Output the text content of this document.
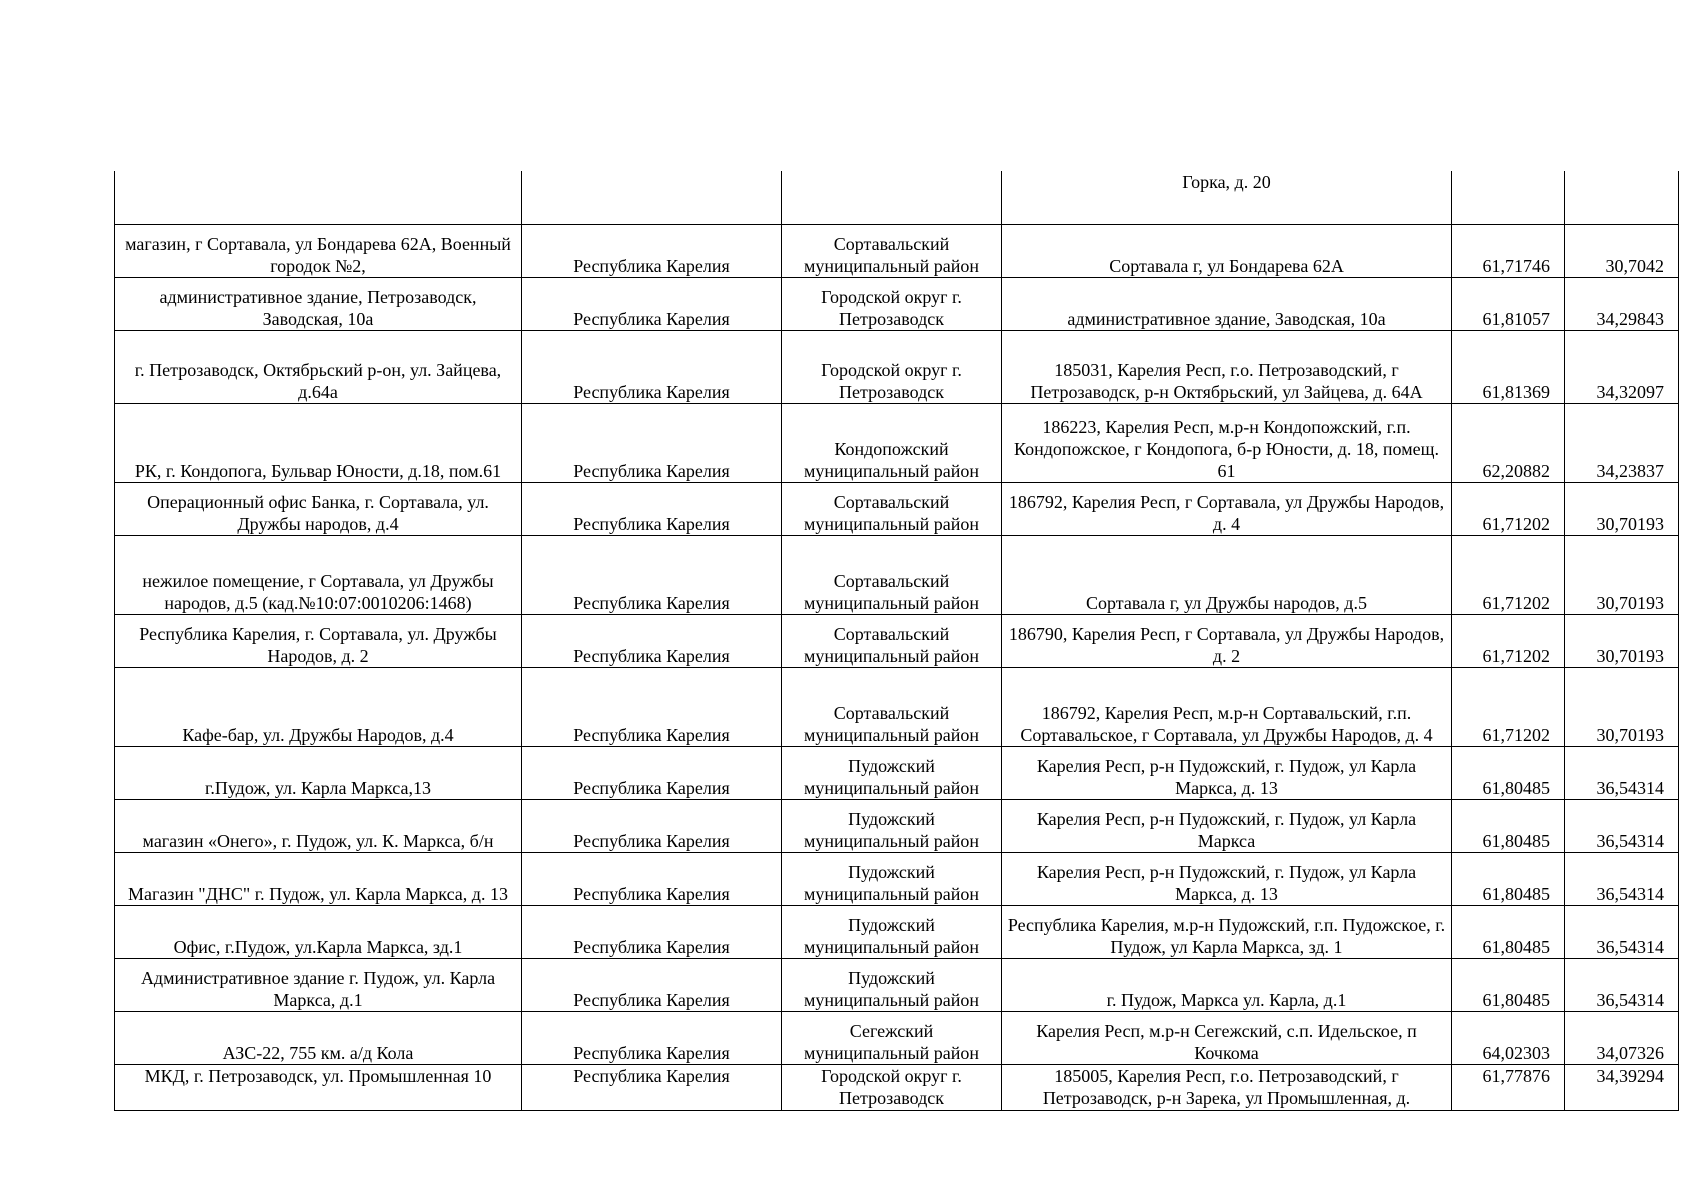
			Горка, д. 20		
магазин, г Сортавала, ул Бондарева 62А, Военный городок №2,	Республика Карелия	Сортавальский муниципальный район	Сортавала г, ул Бондарева 62А	61,71746	30,7042
административное здание, Петрозаводск, Заводская, 10а	Республика Карелия	Городской округ г. Петрозаводск	административное здание, Заводская, 10а	61,81057	34,29843
г. Петрозаводск, Октябрьский р-он, ул. Зайцева, д.64а	Республика Карелия	Городской округ г. Петрозаводск	185031, Карелия Респ, г.о. Петрозаводский, г Петрозаводск, р-н Октябрьский, ул Зайцева, д. 64А	61,81369	34,32097
РК, г. Кондопога, Бульвар Юности, д.18, пом.61	Республика Карелия	Кондопожский муниципальный район	186223, Карелия Респ, м.р-н Кондопожский, г.п. Кондопожское, г Кондопога, б-р Юности, д. 18, помещ. 61	62,20882	34,23837
Операционный офис Банка, г. Сортавала, ул. Дружбы народов, д.4	Республика Карелия	Сортавальский муниципальный район	186792, Карелия Респ, г Сортавала, ул Дружбы Народов, д. 4	61,71202	30,70193
нежилое помещение, г Сортавала, ул Дружбы народов, д.5 (кад.№10:07:0010206:1468)	Республика Карелия	Сортавальский муниципальный район	Сортавала г, ул Дружбы народов, д.5	61,71202	30,70193
Республика Карелия, г. Сортавала, ул. Дружбы Народов, д. 2	Республика Карелия	Сортавальский муниципальный район	186790, Карелия Респ, г Сортавала, ул Дружбы Народов, д. 2	61,71202	30,70193
Кафе-бар, ул. Дружбы Народов, д.4	Республика Карелия	Сортавальский муниципальный район	186792, Карелия Респ, м.р-н Сортавальский, г.п. Сортавальское, г Сортавала, ул Дружбы Народов, д. 4	61,71202	30,70193
г.Пудож, ул. Карла Маркса,13	Республика Карелия	Пудожский муниципальный район	Карелия Респ, р-н Пудожский, г. Пудож, ул Карла Маркса, д. 13	61,80485	36,54314
магазин «Онего», г. Пудож, ул. К. Маркса, б/н	Республика Карелия	Пудожский муниципальный район	Карелия Респ, р-н Пудожский, г. Пудож, ул Карла Маркса	61,80485	36,54314
Магазин "ДНС" г. Пудож, ул. Карла Маркса, д. 13	Республика Карелия	Пудожский муниципальный район	Карелия Респ, р-н Пудожский, г. Пудож, ул Карла Маркса, д. 13	61,80485	36,54314
Офис, г.Пудож, ул.Карла Маркса, зд.1	Республика Карелия	Пудожский муниципальный район	Республика Карелия, м.р-н Пудожский, г.п. Пудожское, г. Пудож, ул Карла Маркса, зд. 1	61,80485	36,54314
Административное здание г. Пудож, ул. Карла Маркса, д.1	Республика Карелия	Пудожский муниципальный район	г. Пудож, Маркса ул. Карла, д.1	61,80485	36,54314
АЗС-22, 755 км. а/д Кола	Республика Карелия	Сегежский муниципальный район	Карелия Респ, м.р-н Сегежский, с.п. Идельское, п Кочкома	64,02303	34,07326
МКД, г. Петрозаводск, ул. Промышленная 10	Республика Карелия	Городской округ г. Петрозаводск	185005, Карелия Респ, г.о. Петрозаводский, г Петрозаводск, р-н Зарека, ул Промышленная, д.	61,77876	34,39294
